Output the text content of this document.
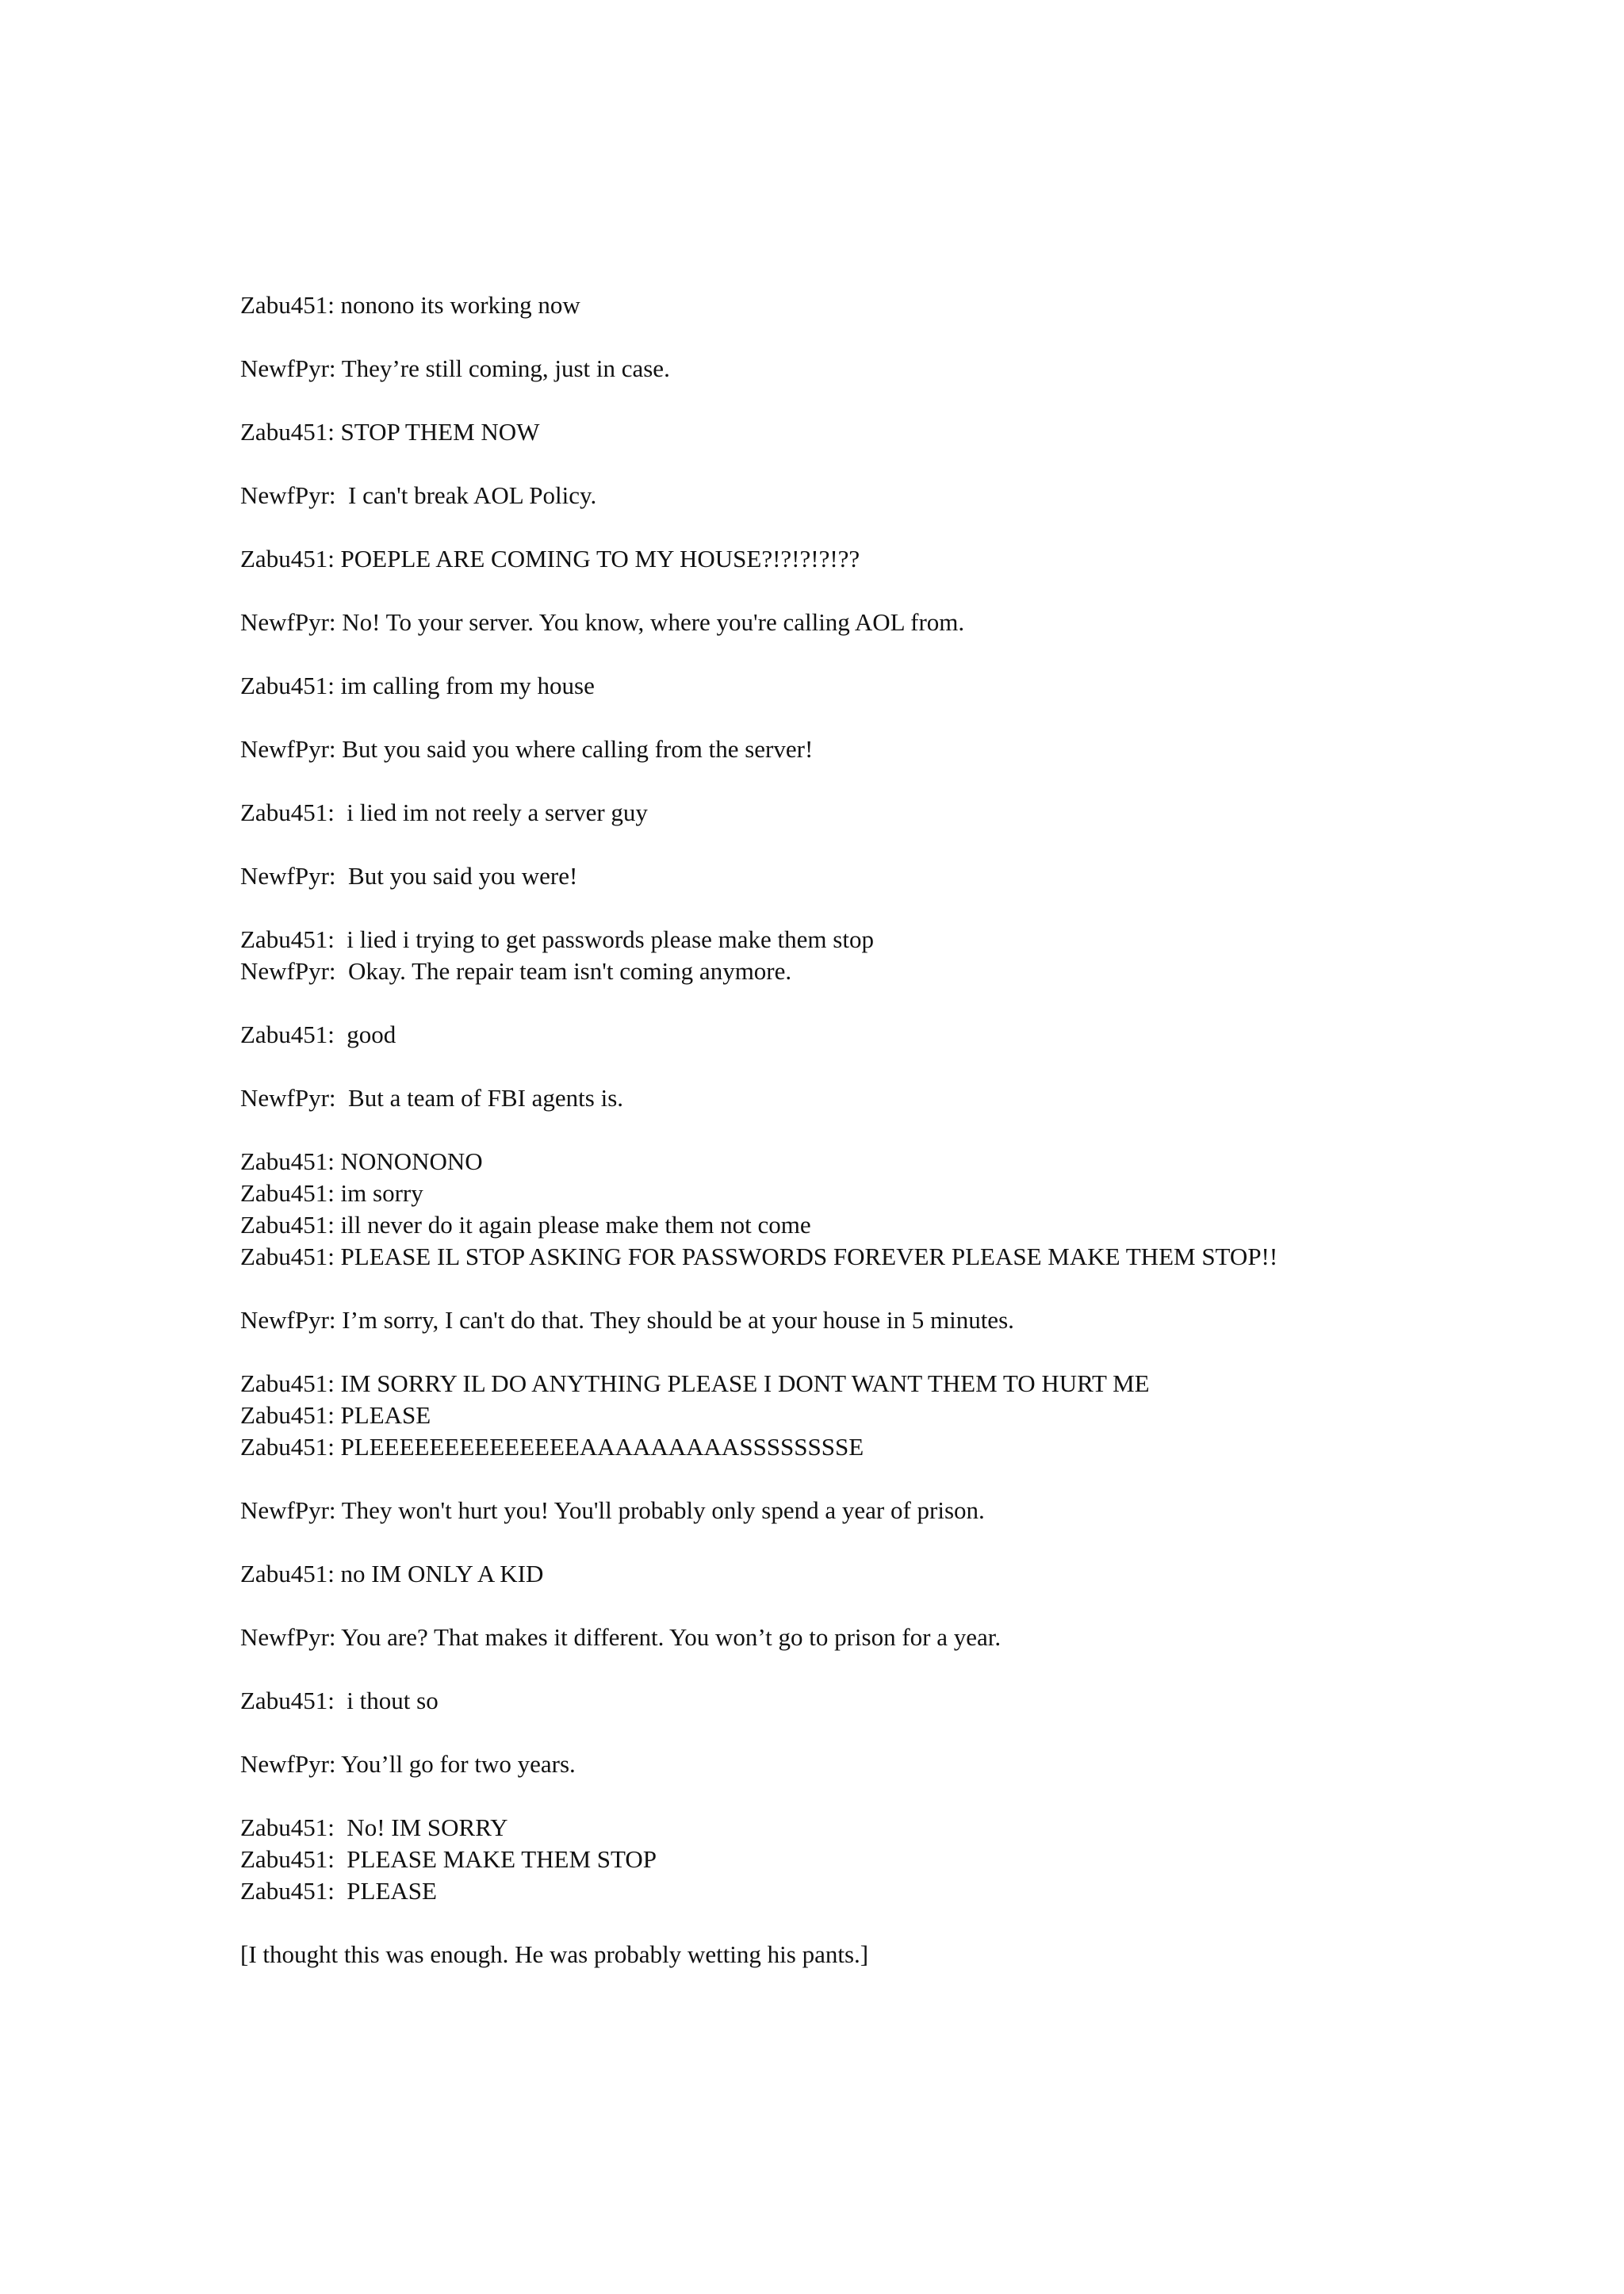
Zabu451: nonono its working now
NewfPyr: They’re still coming, just in case.
Zabu451: STOP THEM NOW
NewfPyr:  I can't break AOL Policy.
Zabu451: POEPLE ARE COMING TO MY HOUSE?!?!?!?!??
NewfPyr: No! To your server. You know, where you're calling AOL from.
Zabu451: im calling from my house
NewfPyr: But you said you where calling from the server!
Zabu451:  i lied im not reely a server guy
NewfPyr:  But you said you were!
Zabu451:  i lied i trying to get passwords please make them stop
NewfPyr:  Okay. The repair team isn't coming anymore.
Zabu451:  good
NewfPyr:  But a team of FBI agents is.
Zabu451: NONONONO
Zabu451: im sorry
Zabu451: ill never do it again please make them not come
Zabu451: PLEASE IL STOP ASKING FOR PASSWORDS FOREVER PLEASE MAKE THEM STOP!!
NewfPyr: I’m sorry, I can't do that. They should be at your house in 5 minutes.
Zabu451: IM SORRY IL DO ANYTHING PLEASE I DONT WANT THEM TO HURT ME
Zabu451: PLEASE
Zabu451: PLEEEEEEEEEEEEEEAAAAAAAAASSSSSSSSE
NewfPyr: They won't hurt you! You'll probably only spend a year of prison.
Zabu451: no IM ONLY A KID
NewfPyr: You are? That makes it different. You won’t go to prison for a year.
Zabu451:  i thout so
NewfPyr: You’ll go for two years.
Zabu451:  No! IM SORRY
Zabu451:  PLEASE MAKE THEM STOP
Zabu451:  PLEASE
[I thought this was enough. He was probably wetting his pants.]
